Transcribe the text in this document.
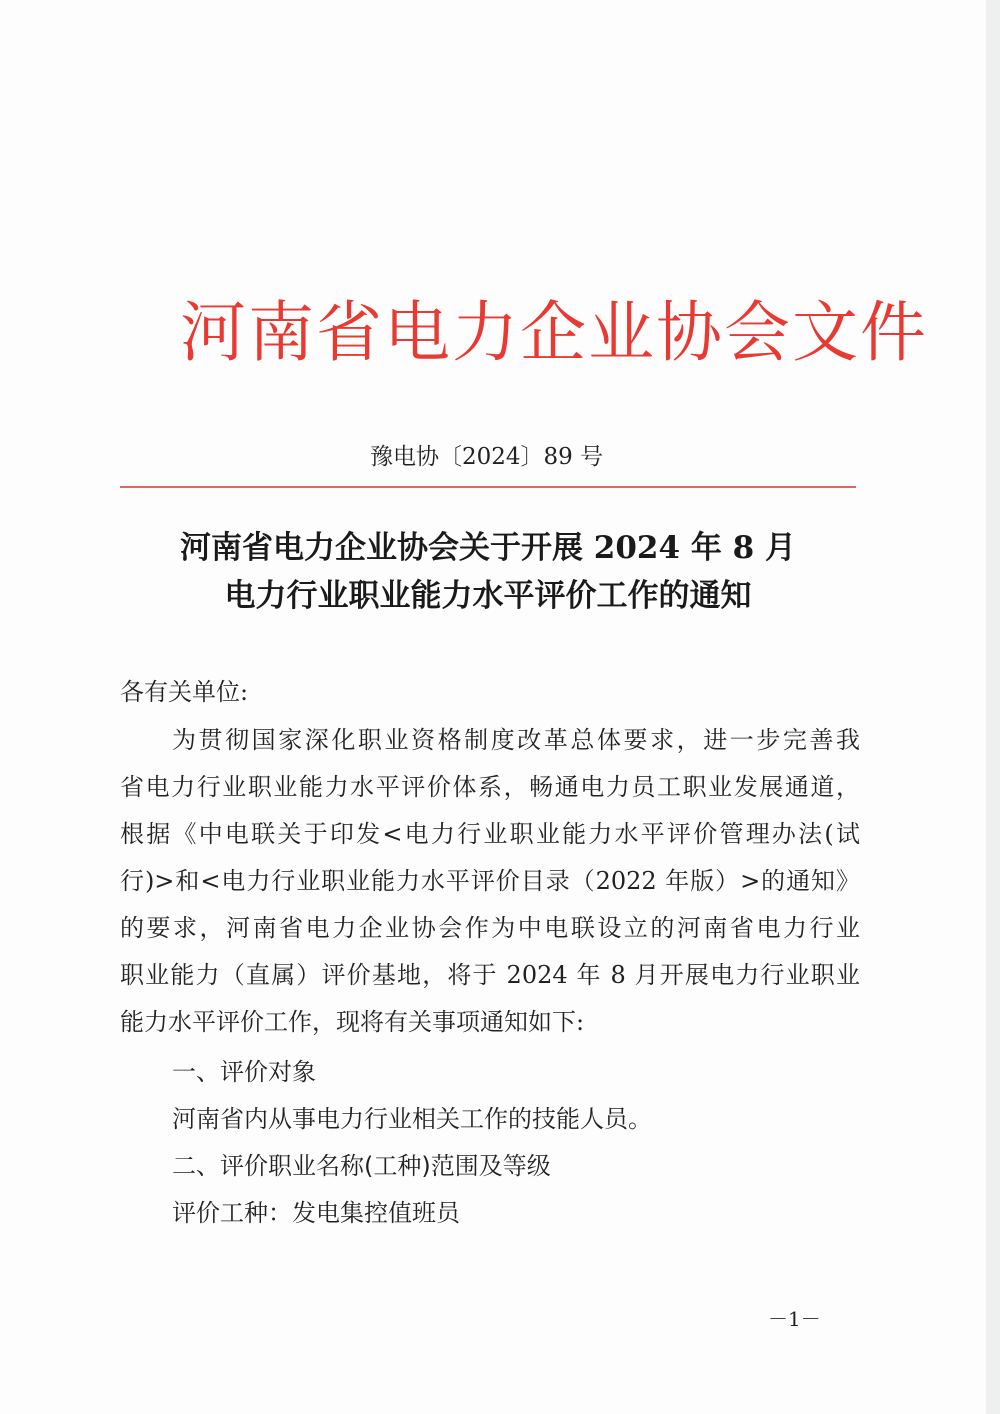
河南省电力企业协会文件
豫电协〔2024〕89 号
河南省电力企业协会关于开展 2024 年 8 月
电力行业职业能力水平评价工作的通知
各有关单位:
为贯彻国家深化职业资格制度改革总体要求，进一步完善我
省电力行业职业能力水平评价体系，畅通电力员工职业发展通道，
根据《中电联关于印发<电力行业职业能力水平评价管理办法(试
行)>和<电力行业职业能力水平评价目录（2022 年版）>的通知》
的要求，河南省电力企业协会作为中电联设立的河南省电力行业
职业能力（直属）评价基地，将于 2024 年 8 月开展电力行业职业
能力水平评价工作，现将有关事项通知如下:
一、评价对象
河南省内从事电力行业相关工作的技能人员。
二、评价职业名称(工种)范围及等级
评价工种：发电集控值班员
－1－
